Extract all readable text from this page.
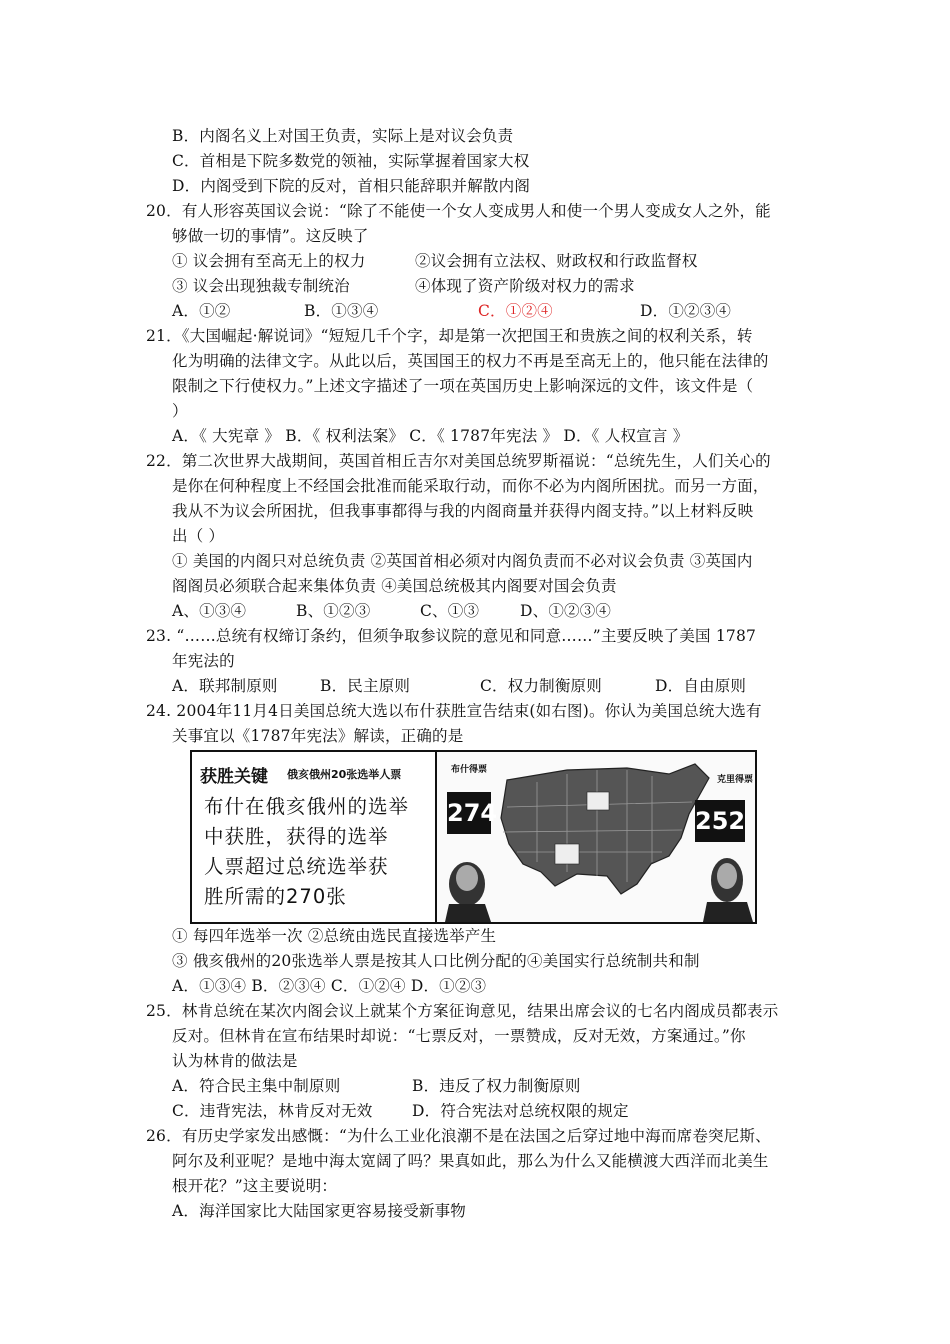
B．内阁名义上对国王负责，实际上是对议会负责
C．首相是下院多数党的领袖，实际掌握着国家大权
D．内阁受到下院的反对，首相只能辞职并解散内阁
20．有人形容英国议会说：“除了不能使一个女人变成男人和使一个男人变成女人之外，能
够做一切的事情”。这反映了
① 议会拥有至高无上的权力	②议会拥有立法权、财政权和行政监督权
③ 议会出现独裁专制统治	④体现了资产阶级对权力的需求
A．①②	B．①③④	C．①②④	D．①②③④
21．《大国崛起·解说词》“短短几千个字，却是第一次把国王和贵族之间的权利关系，转
化为明确的法律文字。从此以后，英国国王的权力不再是至高无上的，他只能在法律的
限制之下行使权力。”上述文字描述了一项在英国历史上影响深远的文件，该文件是（
）
A．《 大宪章 》 B．《 权利法案》 C．《 1787年宪法 》 D．《 人权宣言 》
22．第二次世界大战期间，英国首相丘吉尔对美国总统罗斯福说：“总统先生，人们关心的
是你在何种程度上不经国会批准而能采取行动，而你不必为内阁所困扰。而另一方面，
我从不为议会所困扰，但我事事都得与我的内阁商量并获得内阁支持。”以上材料反映
出（ ）
① 美国的内阁只对总统负责 ②英国首相必须对内阁负责而不必对议会负责 ③英国内
阁阁员必须联合起来集体负责 ④美国总统极其内阁要对国会负责
A、①③④	B、①②③	C、①③	D、①②③④
23. “……总统有权缔订条约，但须争取参议院的意见和同意……”主要反映了美国 1787
年宪法的
A．联邦制原则	B．民主原则	C．权力制衡原则	D．自由原则
24. 2004年11月4日美国总统大选以布什获胜宣告结束(如右图)。你认为美国总统大选有
关事宜以《1787年宪法》解读，正确的是
获胜关键 俄亥俄州20张选举人票
布什在俄亥俄州的选举
中获胜，获得的选举
人票超过总统选举获
胜所需的270张
布什得票
274
克里得票
252
① 每四年选举一次 ②总统由选民直接选举产生
③ 俄亥俄州的20张选举人票是按其人口比例分配的④美国实行总统制共和制
A．①③④ B．②③④ C．①②④ D．①②③
25．林肯总统在某次内阁会议上就某个方案征询意见，结果出席会议的七名内阁成员都表示
反对。但林肯在宣布结果时却说：“七票反对，一票赞成，反对无效，方案通过。”你
认为林肯的做法是
A．符合民主集中制原则	B．违反了权力制衡原则
C．违背宪法，林肯反对无效	D．符合宪法对总统权限的规定
26．有历史学家发出感慨：“为什么工业化浪潮不是在法国之后穿过地中海而席卷突尼斯、
阿尔及利亚呢？是地中海太宽阔了吗？果真如此，那么为什么又能横渡大西洋而北美生
根开花？”这主要说明：
A．海洋国家比大陆国家更容易接受新事物
